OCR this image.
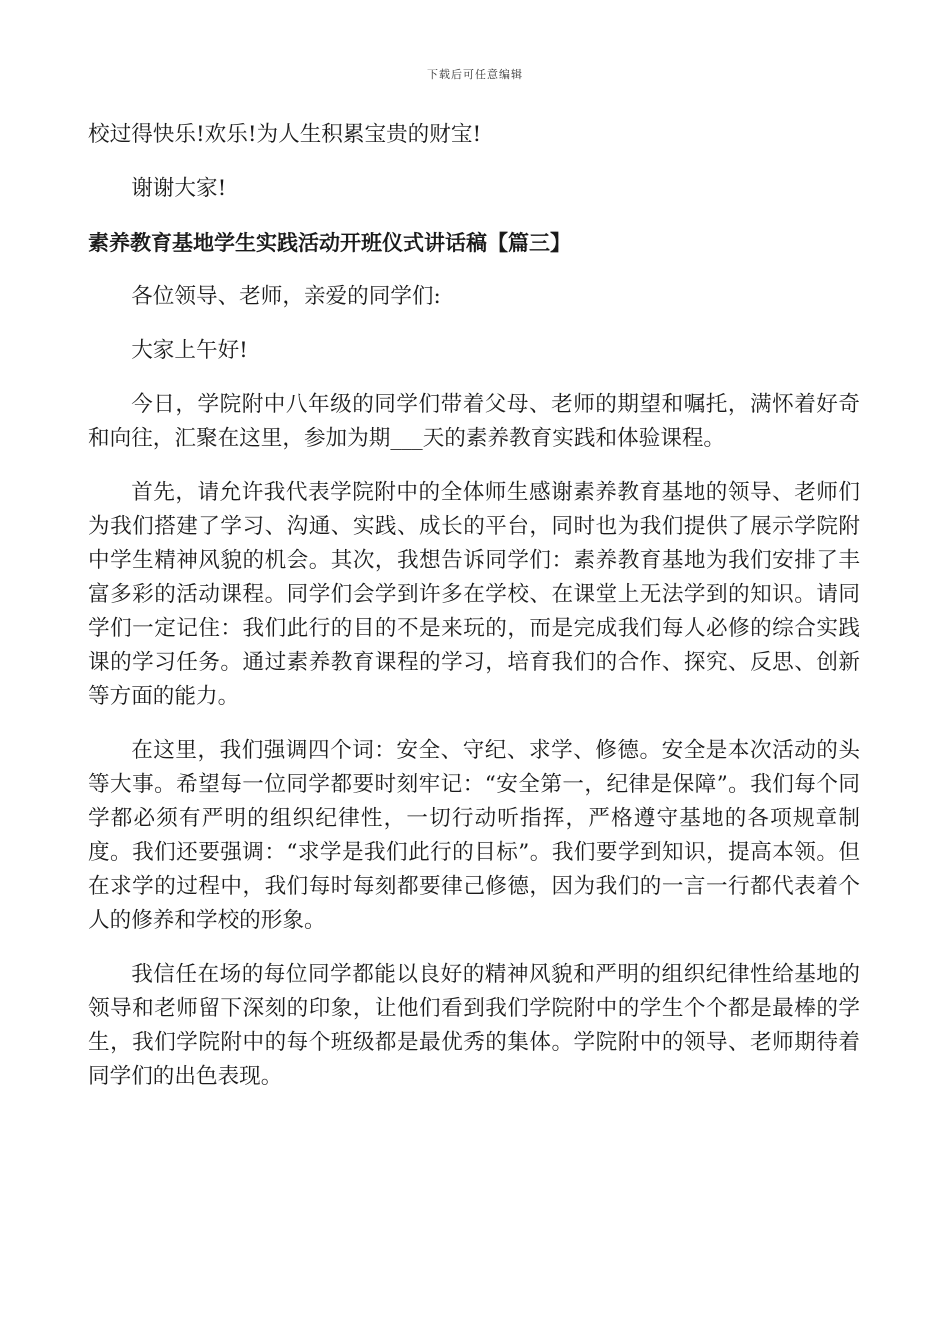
下载后可任意编辑

校过得快乐!欢乐!为人生积累宝贵的财宝!

谢谢大家!

素养教育基地学生实践活动开班仪式讲话稿【篇三】

各位领导、老师，亲爱的同学们:

大家上午好!

今日，学院附中八年级的同学们带着父母、老师的期望和嘱托，满怀着好奇和向往，汇聚在这里，参加为期___天的素养教育实践和体验课程。

首先，请允许我代表学院附中的全体师生感谢素养教育基地的领导、老师们为我们搭建了学习、沟通、实践、成长的平台，同时也为我们提供了展示学院附中学生精神风貌的机会。其次，我想告诉同学们：素养教育基地为我们安排了丰富多彩的活动课程。同学们会学到许多在学校、在课堂上无法学到的知识。请同学们一定记住：我们此行的目的不是来玩的，而是完成我们每人必修的综合实践课的学习任务。通过素养教育课程的学习，培育我们的合作、探究、反思、创新等方面的能力。

在这里，我们强调四个词：安全、守纪、求学、修德。安全是本次活动的头等大事。希望每一位同学都要时刻牢记：“安全第一，纪律是保障”。我们每个同学都必须有严明的组织纪律性，一切行动听指挥，严格遵守基地的各项规章制度。我们还要强调：“求学是我们此行的目标”。我们要学到知识，提高本领。但在求学的过程中，我们每时每刻都要律己修德，因为我们的一言一行都代表着个人的修养和学校的形象。

我信任在场的每位同学都能以良好的精神风貌和严明的组织纪律性给基地的领导和老师留下深刻的印象，让他们看到我们学院附中的学生个个都是最棒的学生，我们学院附中的每个班级都是最优秀的集体。学院附中的领导、老师期待着同学们的出色表现。
